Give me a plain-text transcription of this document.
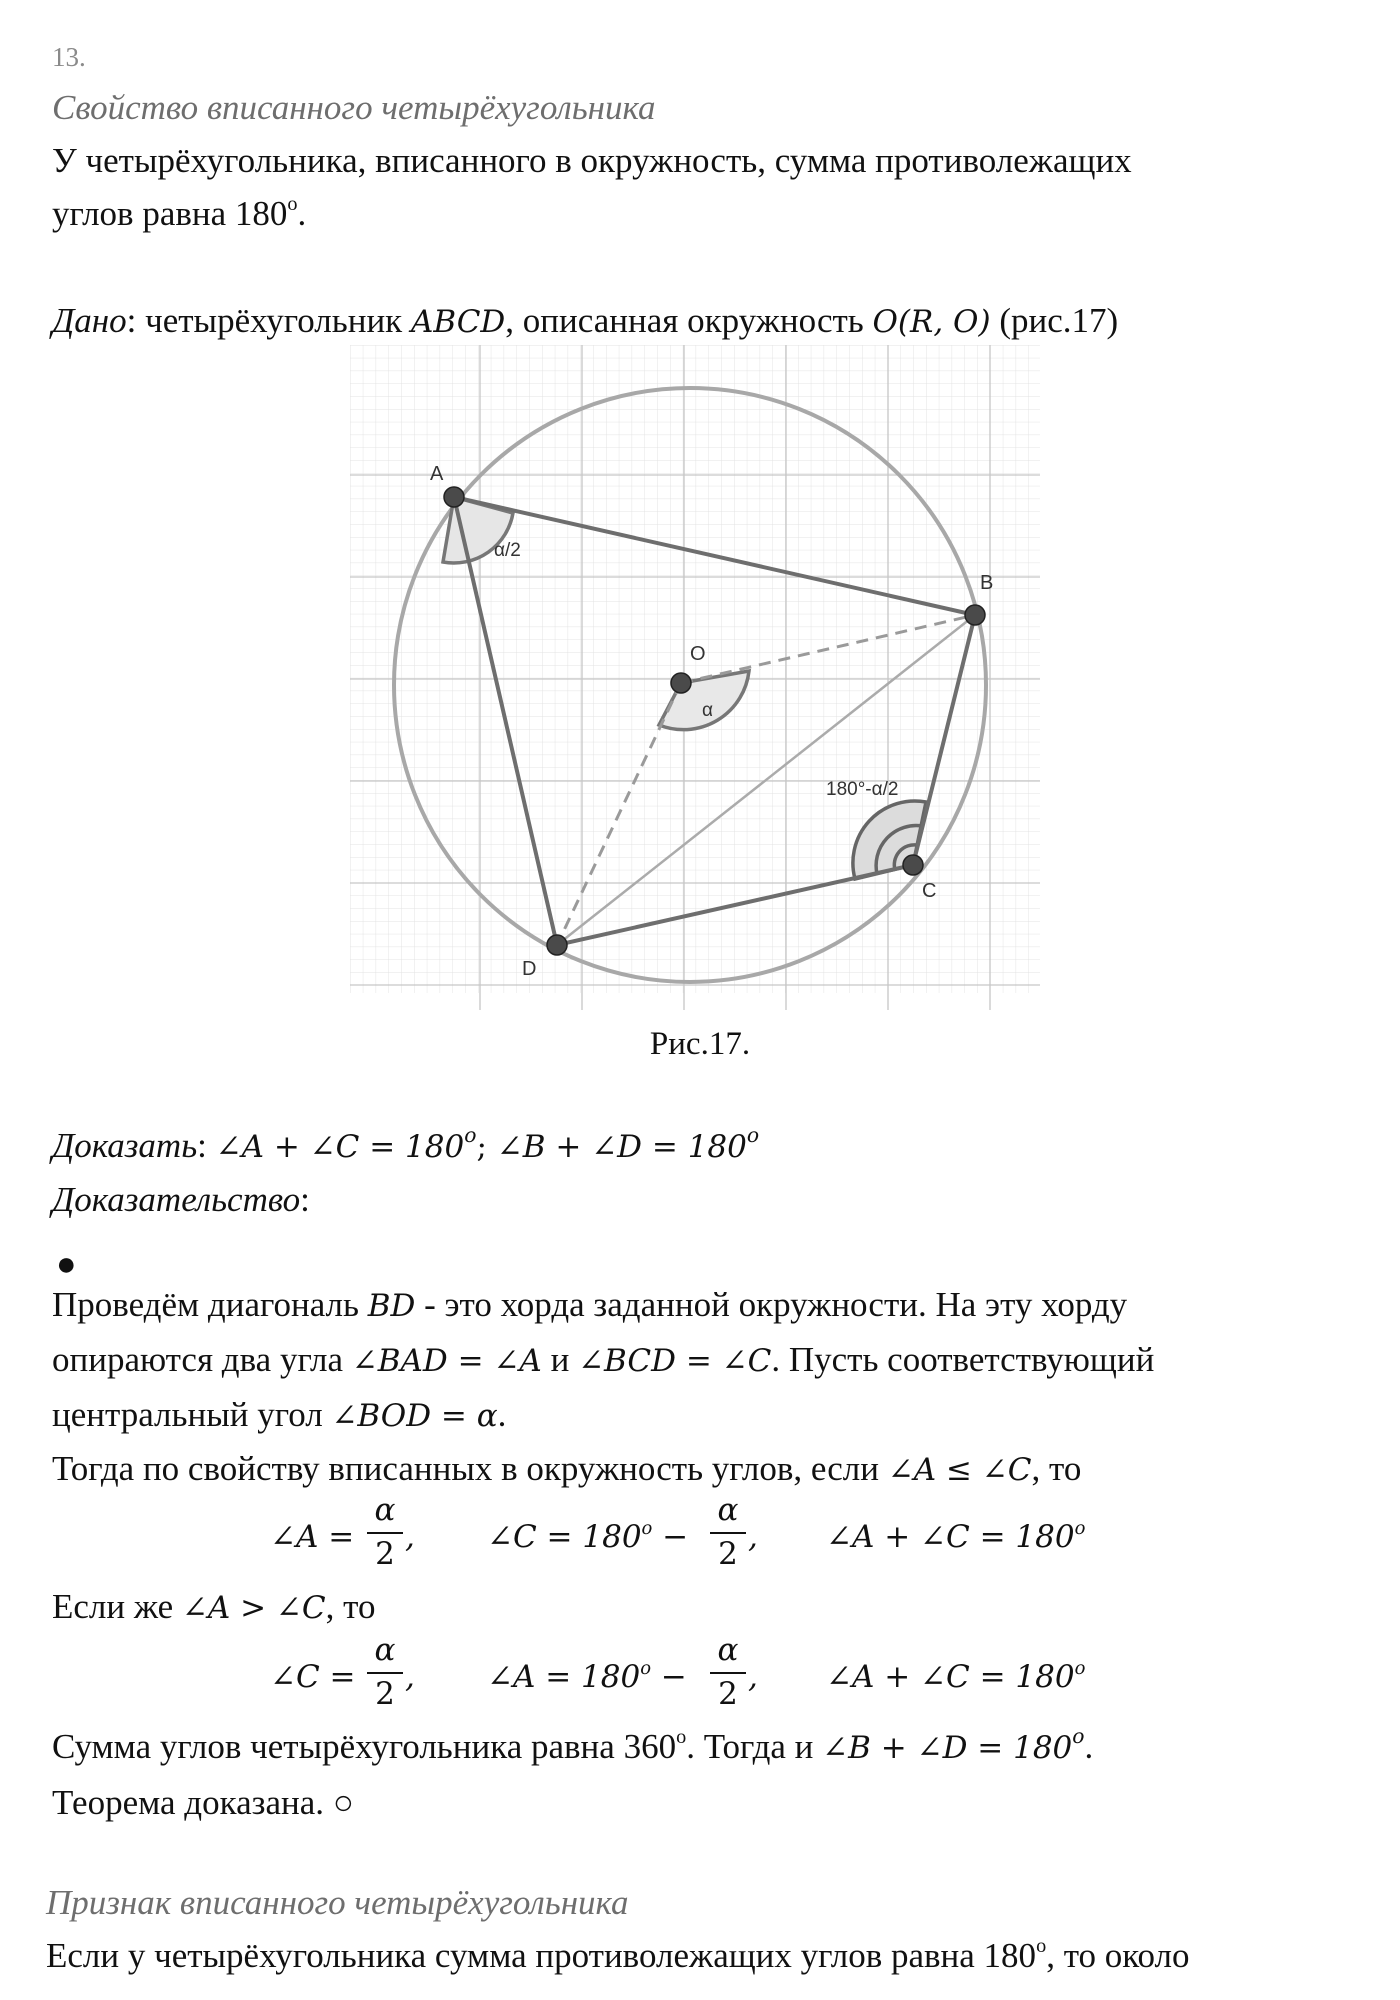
13.
Свойство вписанного четырёхугольника
У четырёхугольника, вписанного в окружность, сумма противолежащих
углов равна 180$^o$.
Дано: четырёхугольник ABCD, описанная окружность O(R, O) (рис.17)
A
B
C
D
O
α/2
α
180°-α/2
Рис.17.
Доказать: ∠A + ∠C = $180^o$; ∠B + ∠D = $180^o$
Доказательство:
●
Проведём диагональ BD - это хорда заданной окружности. На эту хорду
опираются два угла ∠BAD = ∠A и ∠BCD = ∠C. Пусть соответствующий
центральный угол ∠BOD = α.
Тогда по свойству вписанных в окружность углов, если ∠A ≤ ∠C, то
∠A =
α
2 , ∠C = $180^o$ −
α
2 , ∠A + ∠C = $180^o$
Если же ∠A > ∠C, то
∠C =
α
2 , ∠A = $180^o$ −
α
2 , ∠A + ∠C = $180^o$
Сумма углов четырёхугольника равна 360$^o$. Тогда и ∠B + ∠D = $180^o$.
Теорема доказана. ○
Признак вписанного четырёхугольника
Если у четырёхугольника сумма противолежащих углов равна 180$^o$, то около
